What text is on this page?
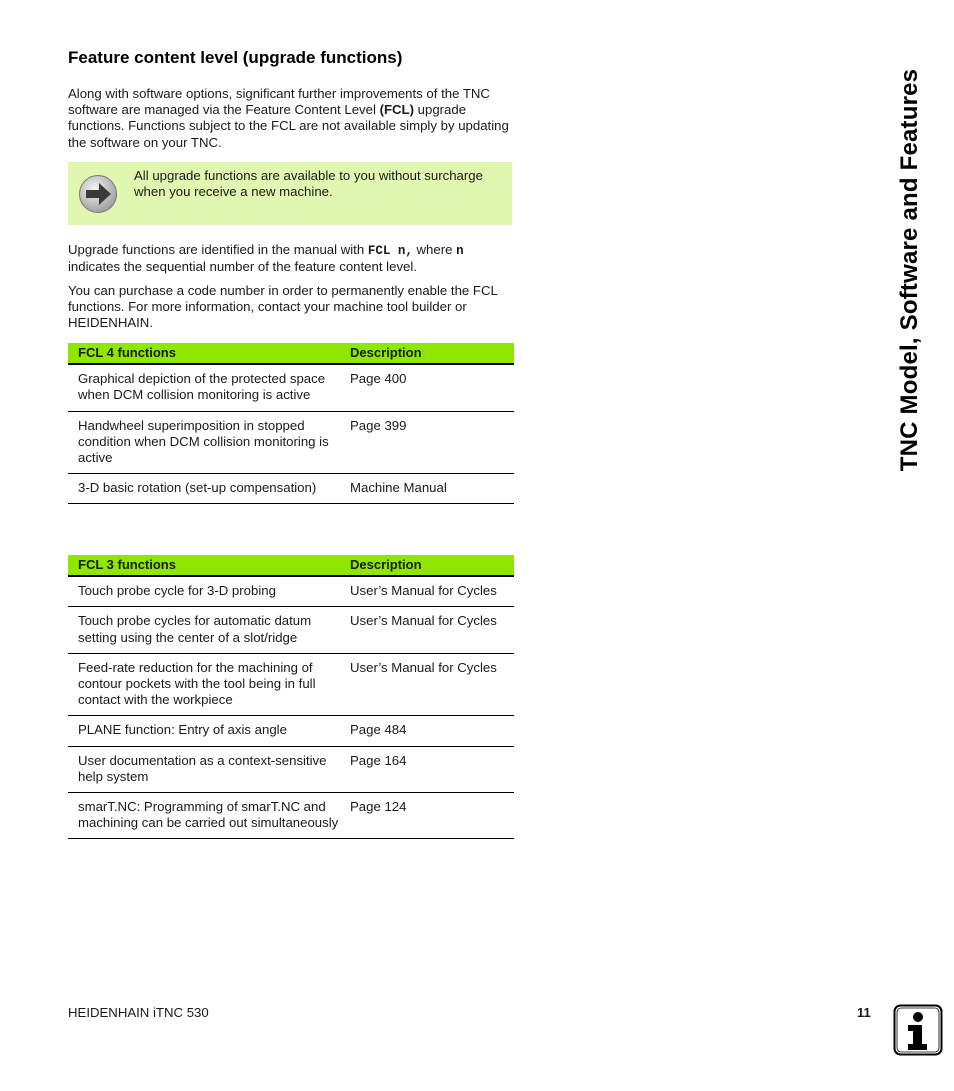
Feature content level (upgrade functions)

Along with software options, significant further improvements of the TNC software are managed via the Feature Content Level (FCL) upgrade functions. Functions subject to the FCL are not available simply by updating the software on your TNC.

All upgrade functions are available to you without surcharge when you receive a new machine.

Upgrade functions are identified in the manual with FCL n, where n indicates the sequential number of the feature content level.

You can purchase a code number in order to permanently enable the FCL functions. For more information, contact your machine tool builder or HEIDENHAIN.

FCL 4 functions	Description
Graphical depiction of the protected space when DCM collision monitoring is active	Page 400
Handwheel superimposition in stopped condition when DCM collision monitoring is active	Page 399
3-D basic rotation (set-up compensation)	Machine Manual
FCL 3 functions	Description
Touch probe cycle for 3-D probing	User’s Manual for Cycles
Touch probe cycles for automatic datum setting using the center of a slot/ridge	User’s Manual for Cycles
Feed-rate reduction for the machining of contour pockets with the tool being in full contact with the workpiece	User’s Manual for Cycles
PLANE function: Entry of axis angle	Page 484
User documentation as a context-sensitive help system	Page 164
smarT.NC: Programming of smarT.NC and machining can be carried out simultaneously	Page 124
TNC Model, Software and Features
HEIDENHAIN iTNC 530	11
